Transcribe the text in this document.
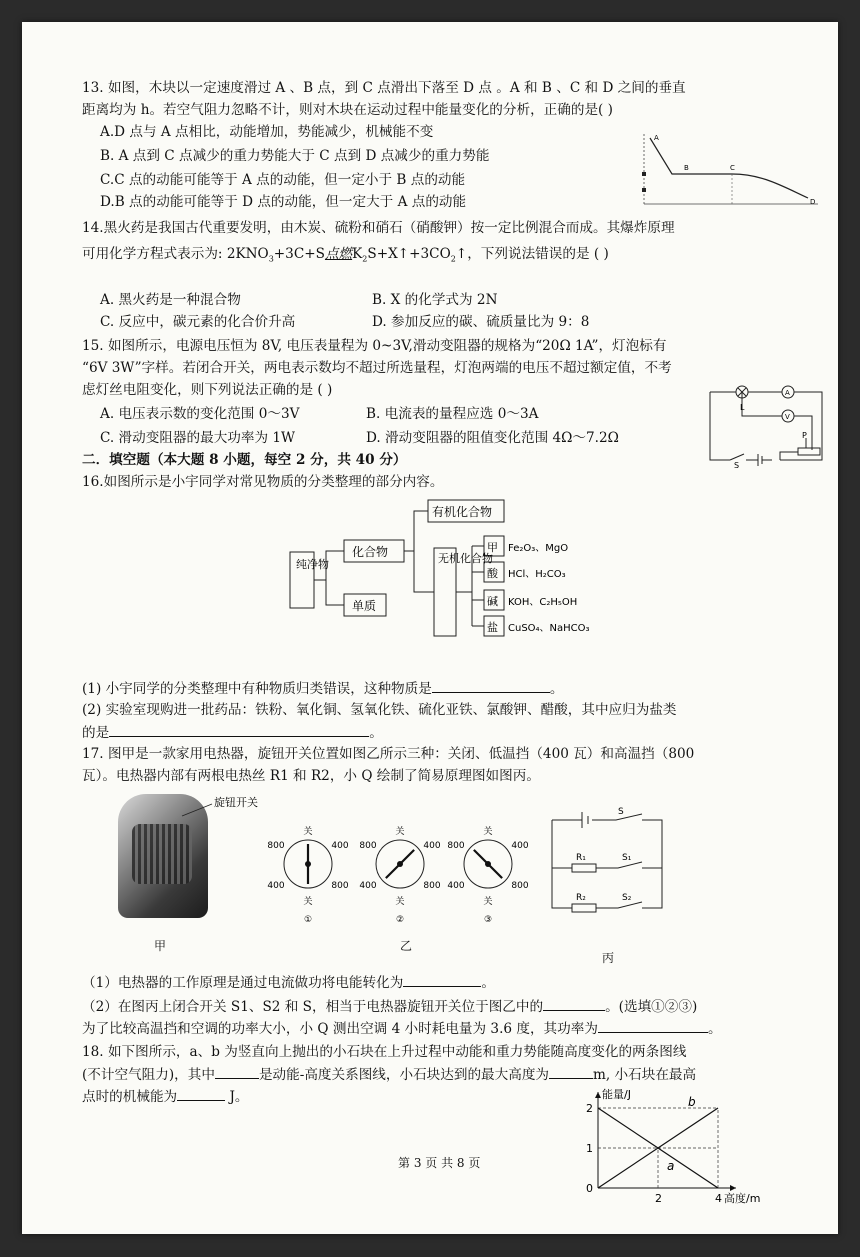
13. 如图，木块以一定速度滑过 A 、B 点，到 C 点滑出下落至 D 点 。A 和 B 、C 和 D 之间的垂直
距离均为 h。若空气阻力忽略不计，则对木块在运动过程中能量变化的分析，正确的是( )
A.D 点与 A 点相比，动能增加，势能减少，机械能不变
B. A 点到 C 点减少的重力势能大于 C 点到 D 点减少的重力势能
C.C 点的动能可能等于 A 点的动能，但一定小于 B 点的动能
D.B 点的动能可能等于 D 点的动能，但一定大于 A 点的动能
A
B	C
D
14.黑火药是我国古代重要发明，由木炭、硫粉和硝石（硝酸钾）按一定比例混合而成。其爆炸原理
可用化学方程式表示为: $2KNO_3+3C+S$点燃$K_2S+X↑+3CO_2↑$，下列说法错误的是 ( )
A. 黑火药是一种混合物	B. X 的化学式为 2N
C. 反应中，碳元素的化合价升高	D. 参加反应的碳、硫质量比为 9：8
15. 如图所示，电源电压恒为 8V, 电压表量程为 0~3V,滑动变阻器的规格为“20Ω 1A”，灯泡标有
“6V 3W”字样。若闭合开关，两电表示数均不超过所选量程，灯泡两端的电压不超过额定值，不考
虑灯丝电阻变化，则下列说法正确的是 ( )
A. 电压表示数的变化范围 0～3V	B. 电流表的量程应选 0～3A
C. 滑动变阻器的最大功率为 1W	D. 滑动变阻器的阻值变化范围 4Ω～7.2Ω
L
A
V
P
S
二．填空题（本大题 8 小题，每空 2 分，共 40 分）
16.如图所示是小宇同学对常见物质的分类整理的部分内容。
纯净物
化合物
单质
有机化合物
无机化合物
甲
酸
碱
盐
Fe₂O₃、MgO
HCl、H₂CO₃
KOH、C₂H₅OH
CuSO₄、NaHCO₃
(1) 小宇同学的分类整理中有种物质归类错误，这种物质是	。
(2) 实验室现购进一批药品：铁粉、氧化铜、氢氧化铁、硫化亚铁、氯酸钾、醋酸，其中应归为盐类
的是	。
17. 图甲是一款家用电热器，旋钮开关位置如图乙所示三种：关闭、低温挡（400 瓦）和高温挡（800
瓦）。电热器内部有两根电热丝 R1 和 R2，小 Q 绘制了简易原理图如图丙。
旋钮开关
甲
关
关
800	400
400	800
①
关
关
800	400
400	800
②
关
关
800	400
400	800
③
乙
S
R₁	S₁
R₂	S₂
丙
（1）电热器的工作原理是通过电流做功将电能转化为	。
（2）在图丙上闭合开关 S1、S2 和 S，相当于电热器旋钮开关位于图乙中的	。(选填①②③)
为了比较高温挡和空调的功率大小，小 Q 测出空调 4 小时耗电量为 3.6 度，其功率为	。
18. 如下图所示，a、b 为竖直向上抛出的小石块在上升过程中动能和重力势能随高度变化的两条图线
(不计空气阻力)，其中	是动能-高度关系图线，小石块达到的最大高度为	m, 小石块在最高
点时的机械能为	J。
a
b
0
2	4
1
2
能量/J
高度/m
第 3 页 共 8 页
